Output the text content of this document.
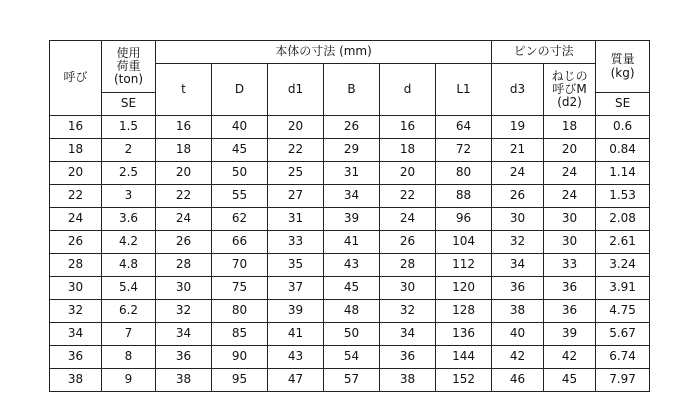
呼び	使用
荷重
(ton)	本体の寸法 (mm)						ピンの寸法		質量
(kg)

		t	D	d1	B	d	L1	d3	ねじの
呼びM
(d2)	

	SE									SE
16	1.5	16	40	20	26	16	64	19	18	0.6
18	2	18	45	22	29	18	72	21	20	0.84
20	2.5	20	50	25	31	20	80	24	24	1.14
22	3	22	55	27	34	22	88	26	24	1.53
24	3.6	24	62	31	39	24	96	30	30	2.08
26	4.2	26	66	33	41	26	104	32	30	2.61
28	4.8	28	70	35	43	28	112	34	33	3.24
30	5.4	30	75	37	45	30	120	36	36	3.91
32	6.2	32	80	39	48	32	128	38	36	4.75
34	7	34	85	41	50	34	136	40	39	5.67
36	8	36	90	43	54	36	144	42	42	6.74
38	9	38	95	47	57	38	152	46	45	7.97
